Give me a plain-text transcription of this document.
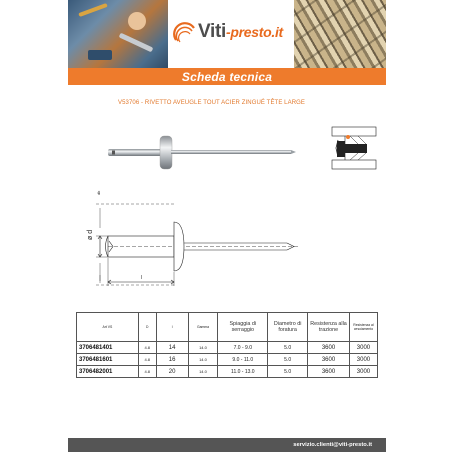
Viti-presto.it
Scheda tecnica
V53706 - RIVETTO AVEUGLE TOUT ACIER ZINGUÉ TÊTE LARGE
ø d
dk
l
Art VS	D	l	Gamma	Spiaggia di serraggio	Diametro di foratura	Resistenza alla trazione	Resistenza al cesoiamento
3706481401	4.8	14	14.0	7.0 - 9.0	5.0	3600	3000
3706481601	4.8	16	14.0	9.0 - 11.0	5.0	3600	3000
3706482001	4.8	20	14.0	11.0 - 13.0	5.0	3600	3000
servizio.clienti@viti-presto.it
